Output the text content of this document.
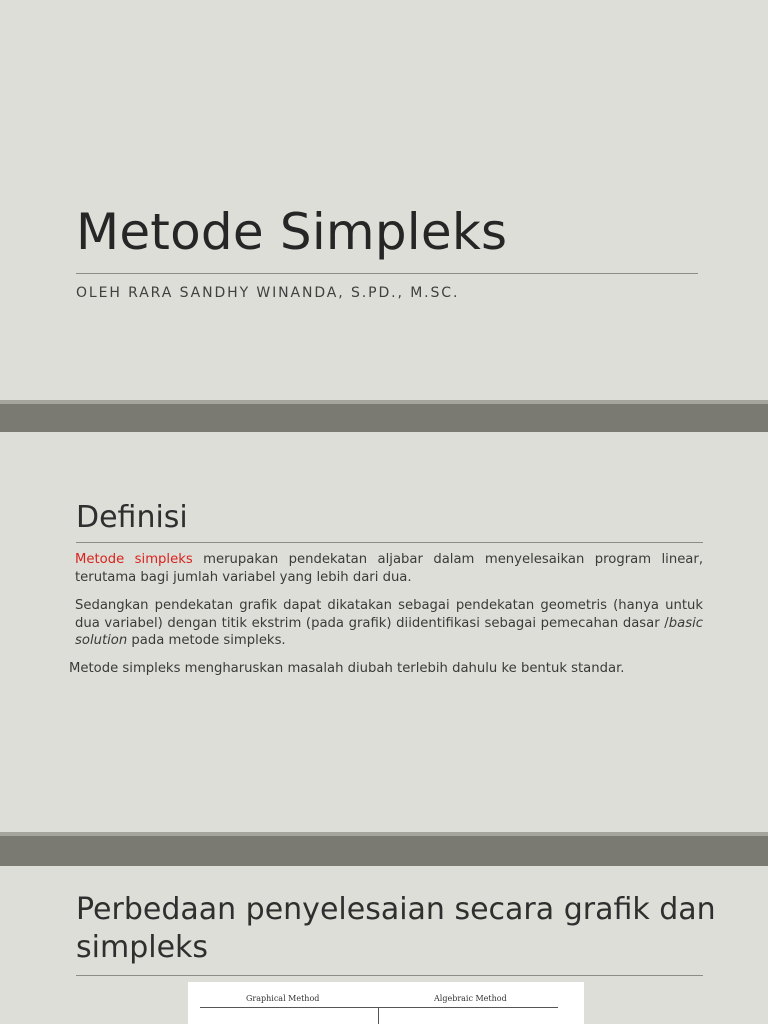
Metode Simpleks

OLEH RARA SANDHY WINANDA, S.PD., M.SC.

Definisi

Metode simpleks merupakan pendekatan aljabar dalam menyelesaikan program linear, terutama bagi jumlah variabel yang lebih dari dua.

Sedangkan pendekatan grafik dapat dikatakan sebagai pendekatan geometris (hanya untuk dua variabel) dengan titik ekstrim (pada grafik) diidentifikasi sebagai pemecahan dasar /basic solution pada metode simpleks.

Metode simpleks mengharuskan masalah diubah terlebih dahulu ke bentuk standar.

Perbedaan penyelesaian secara grafik dan simpleks
Graphical Method	Algebraic Method
